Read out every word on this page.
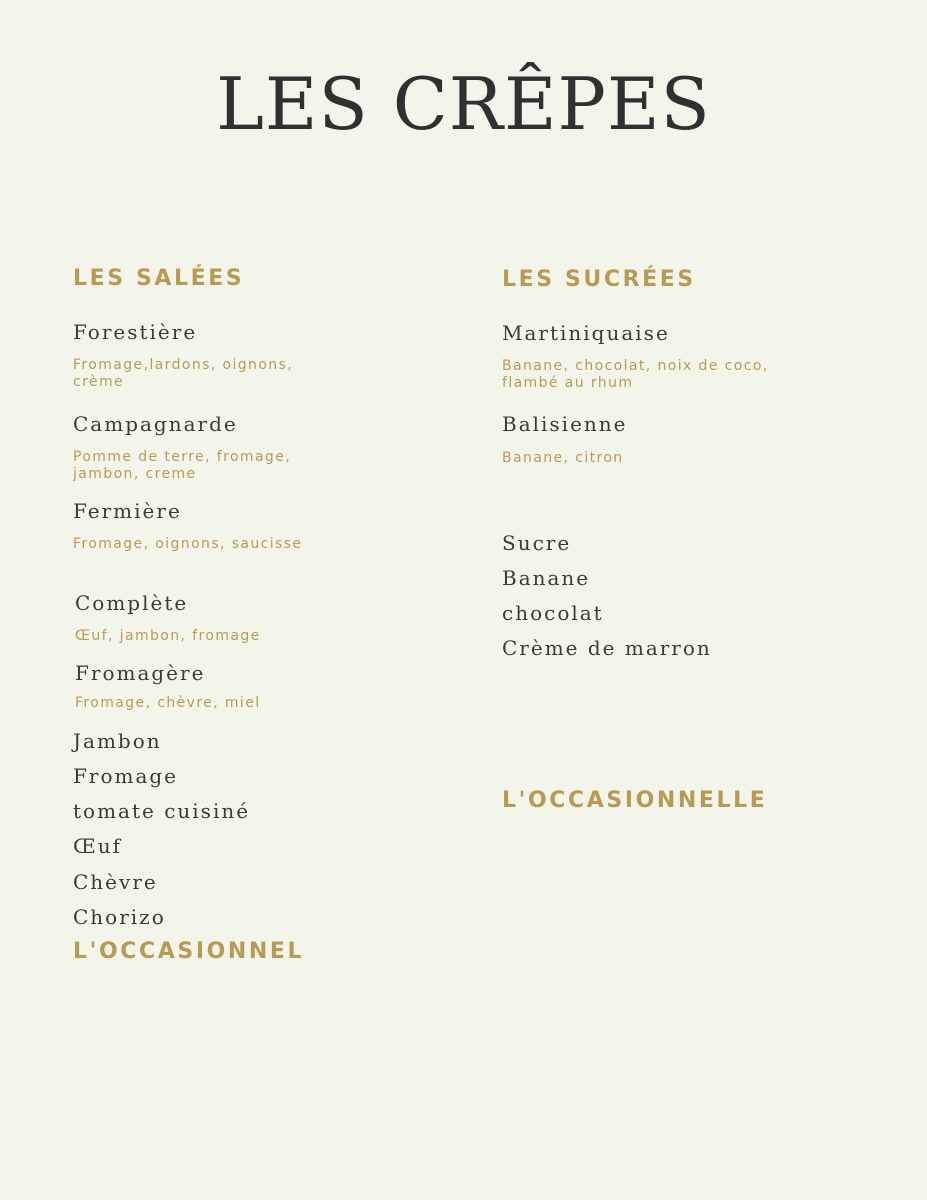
LES CRÊPES
LES SALÉES
Forestière
Fromage,lardons, oignons, crème
Campagnarde
Pomme de terre, fromage, jambon, creme
Fermière
Fromage, oignons, saucisse
Complète
Œuf, jambon, fromage
Fromagère
Fromage, chèvre, miel
Jambon
Fromage
tomate cuisiné
Œuf
Chèvre
Chorizo
L'OCCASIONNEL
LES SUCRÉES
Martiniquaise
Banane, chocolat, noix de coco, flambé au rhum
Balisienne
Banane, citron
Sucre
Banane
chocolat
Crème de marron
L'OCCASIONNELLE
